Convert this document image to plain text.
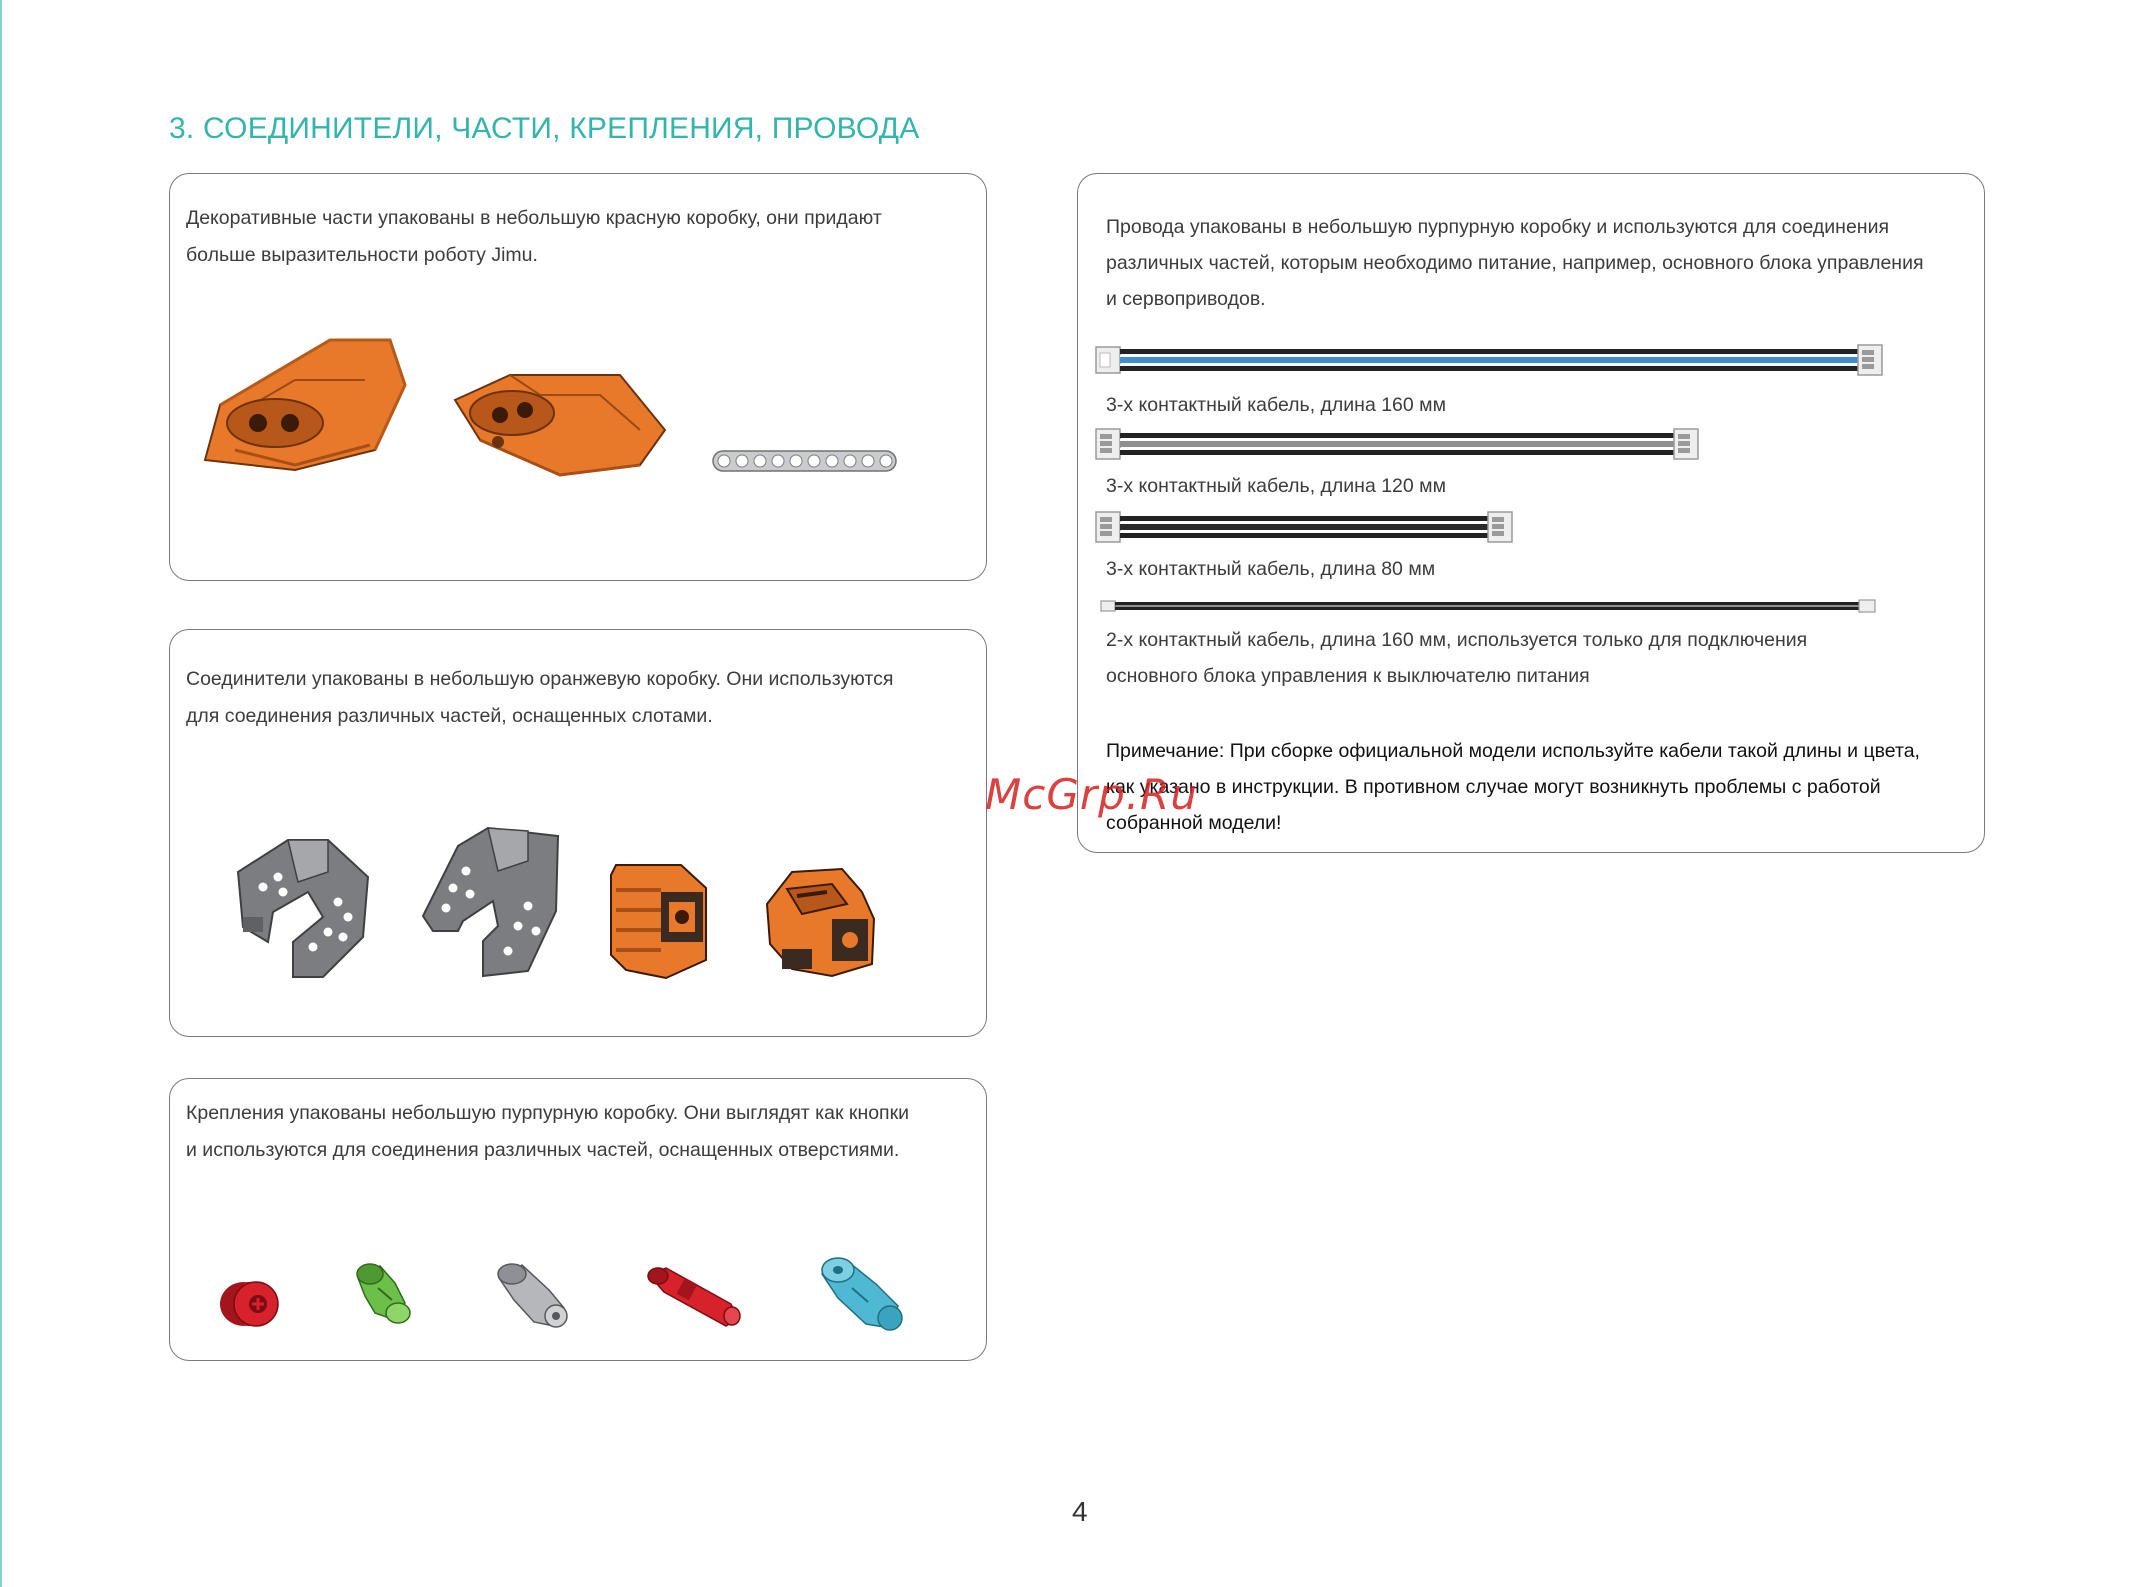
3. СОЕДИНИТЕЛИ, ЧАСТИ, КРЕПЛЕНИЯ, ПРОВОДА

Декоративные части упакованы в небольшую красную коробку, они придают

больше выразительности роботу Jimu.

Соединители упакованы в небольшую оранжевую коробку. Они используются

для соединения различных частей, оснащенных слотами.

Крепления упакованы небольшую пурпурную коробку. Они выглядят как кнопки

и используются для соединения различных частей, оснащенных отверстиями.

Провода упакованы в небольшую пурпурную коробку и используются для соединения

различных частей, которым необходимо питание, например, основного блока управления

и сервоприводов.

3-х контактный кабель, длина 160 мм
3-х контактный кабель, длина 120 мм
3-х контактный кабель, длина 80 мм
2-х контактный кабель, длина 160 мм, используется только для подключения
основного блока управления к выключателю питания

Примечание: При сборке официальной модели используйте кабели такой длины и цвета,

как указано в инструкции. В противном случае могут возникнуть проблемы с работой

собранной модели!

McGrp.Ru
4
